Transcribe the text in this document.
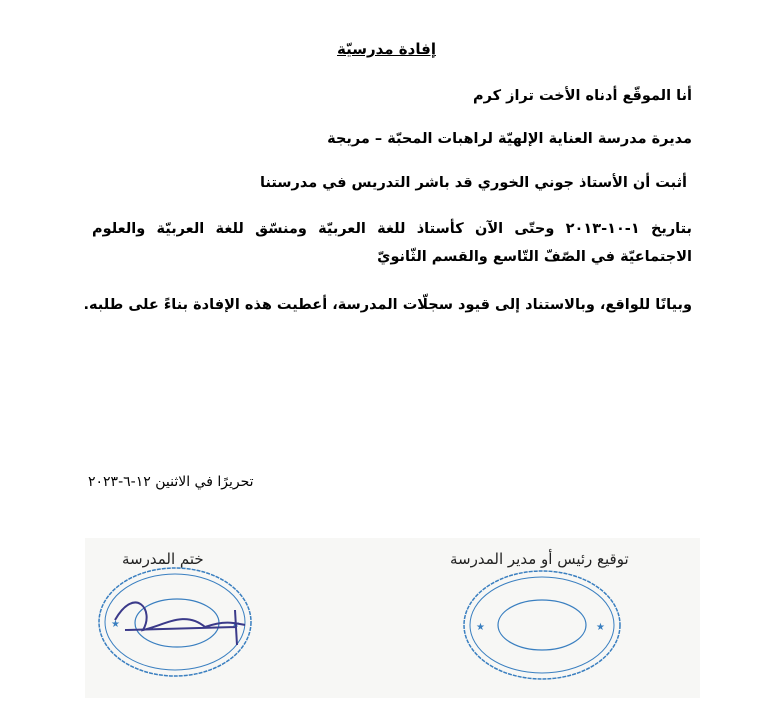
إفادة مدرسيّة
أنا الموقّع أدناه الأخت تراز كرم
مديرة مدرسة العناية الإلهيّة لراهبات المحبّة – مريجة
أثبت أن الأستاذ جوني الخوري قد باشر التدريس في مدرستنا
بتاريخ ١-١٠-٢٠١٣ وحتّى الآن كأستاذ للغة العربيّة ومنسّق للغة العربيّة والعلوم الاجتماعيّة في الصّفّ التّاسع والقسم الثّانويّ
وبيانًا للواقع، وبالاستناد إلى قيود سجلّات المدرسة، أعطيت هذه الإفادة بناءً على طلبه.
تحريرًا في الاثنين ١٢-٦-٢٠٢٣
توقيع رئيس أو مدير المدرسة
ختم المدرسة
★	★	★	★
